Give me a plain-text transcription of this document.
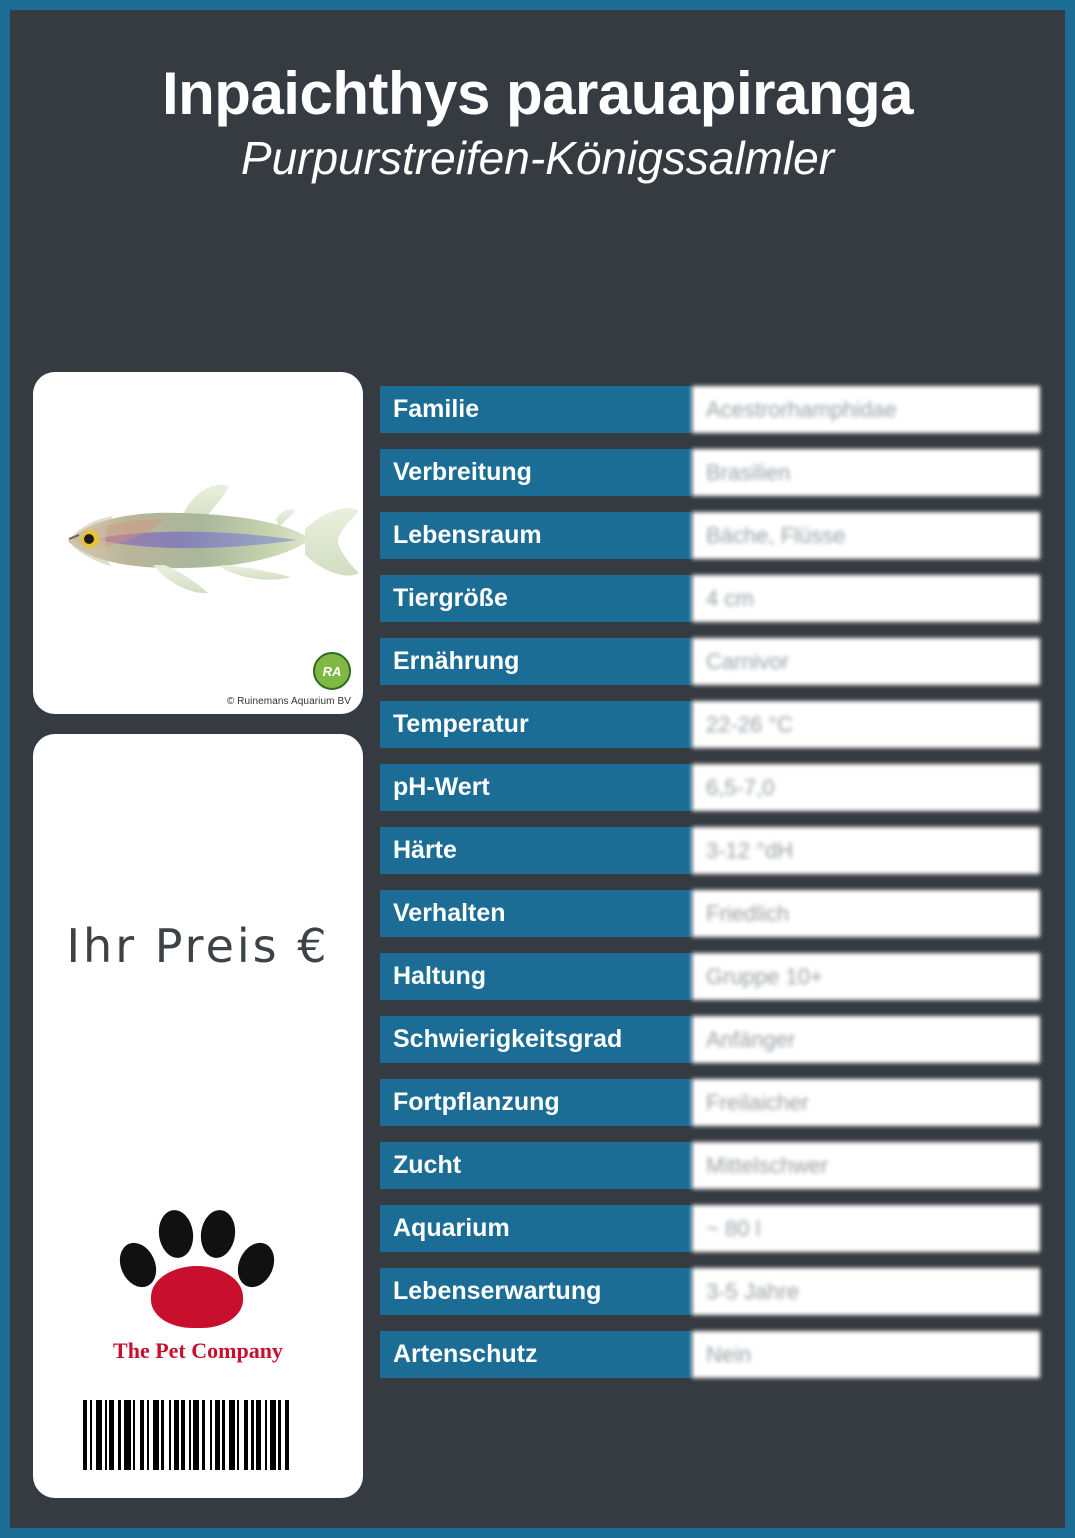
Inpaichthys parauapiranga
Purpurstreifen-Königssalmler
RA
© Ruinemans Aquarium BV
Ihr Preis €
The Pet Company
Familie	Acestrorhamphidae
Verbreitung	Brasilien
Lebensraum	Bäche, Flüsse
Tiergröße	4 cm
Ernährung	Carnivor
Temperatur	22-26 °C
pH-Wert	6,5-7,0
Härte	3-12 °dH
Verhalten	Friedlich
Haltung	Gruppe 10+
Schwierigkeitsgrad	Anfänger
Fortpflanzung	Freilaicher
Zucht	Mittelschwer
Aquarium	~ 80 l
Lebenserwartung	3-5 Jahre
Artenschutz	Nein
